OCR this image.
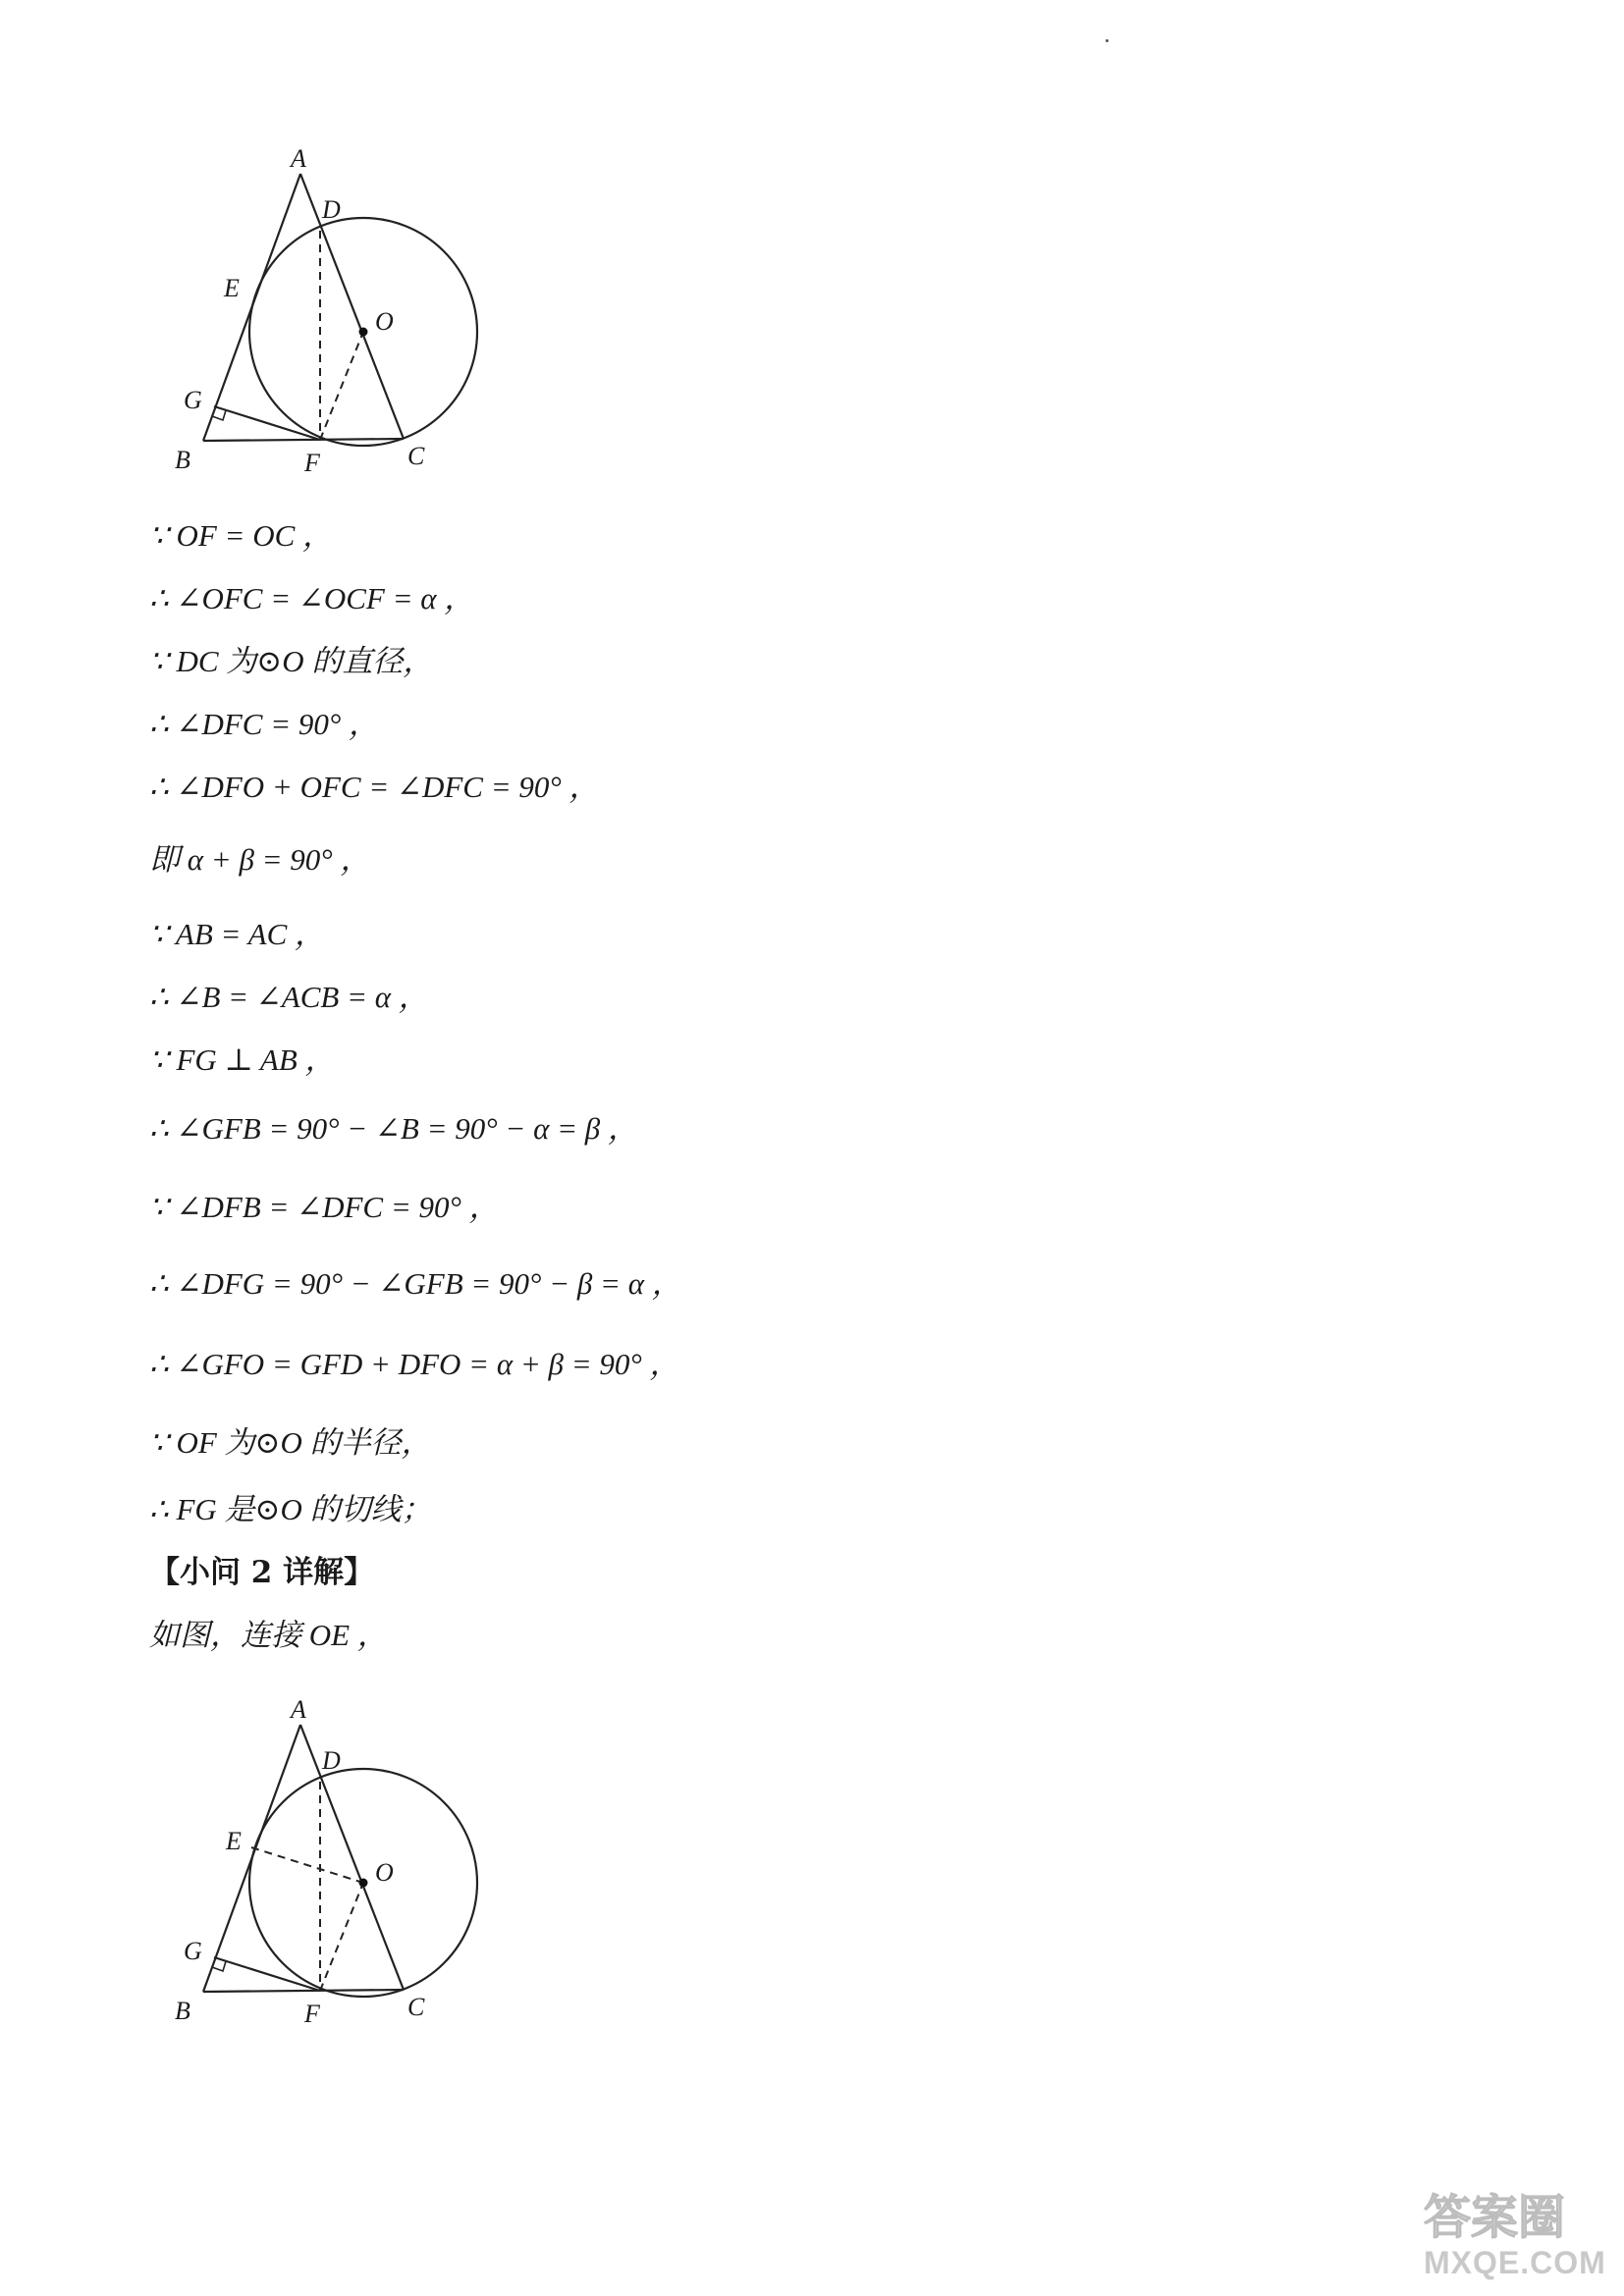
A
D
E
O
G
B	F	C
∵ OF = OC ，
∴ ∠OFC = ∠OCF = α ，
∵ DC 为⊙O 的直径，
∴ ∠DFC = 90° ，
∴ ∠DFO + OFC = ∠DFC = 90° ，
即 α + β = 90° ，
∵ AB = AC ，
∴ ∠B = ∠ACB = α ，
∵ FG ⊥ AB ，
∴ ∠GFB = 90° − ∠B = 90° − α = β ，
∵ ∠DFB = ∠DFC = 90° ，
∴ ∠DFG = 90° − ∠GFB = 90° − β = α ，
∴ ∠GFO = GFD + DFO = α + β = 90° ，
∵ OF 为⊙O 的半径，
∴ FG 是⊙O 的切线；
【小问 2 详解】
如图，连接 OE ，
A
D
E
O
G
B	F	C
答案圈
MXQE.COM
